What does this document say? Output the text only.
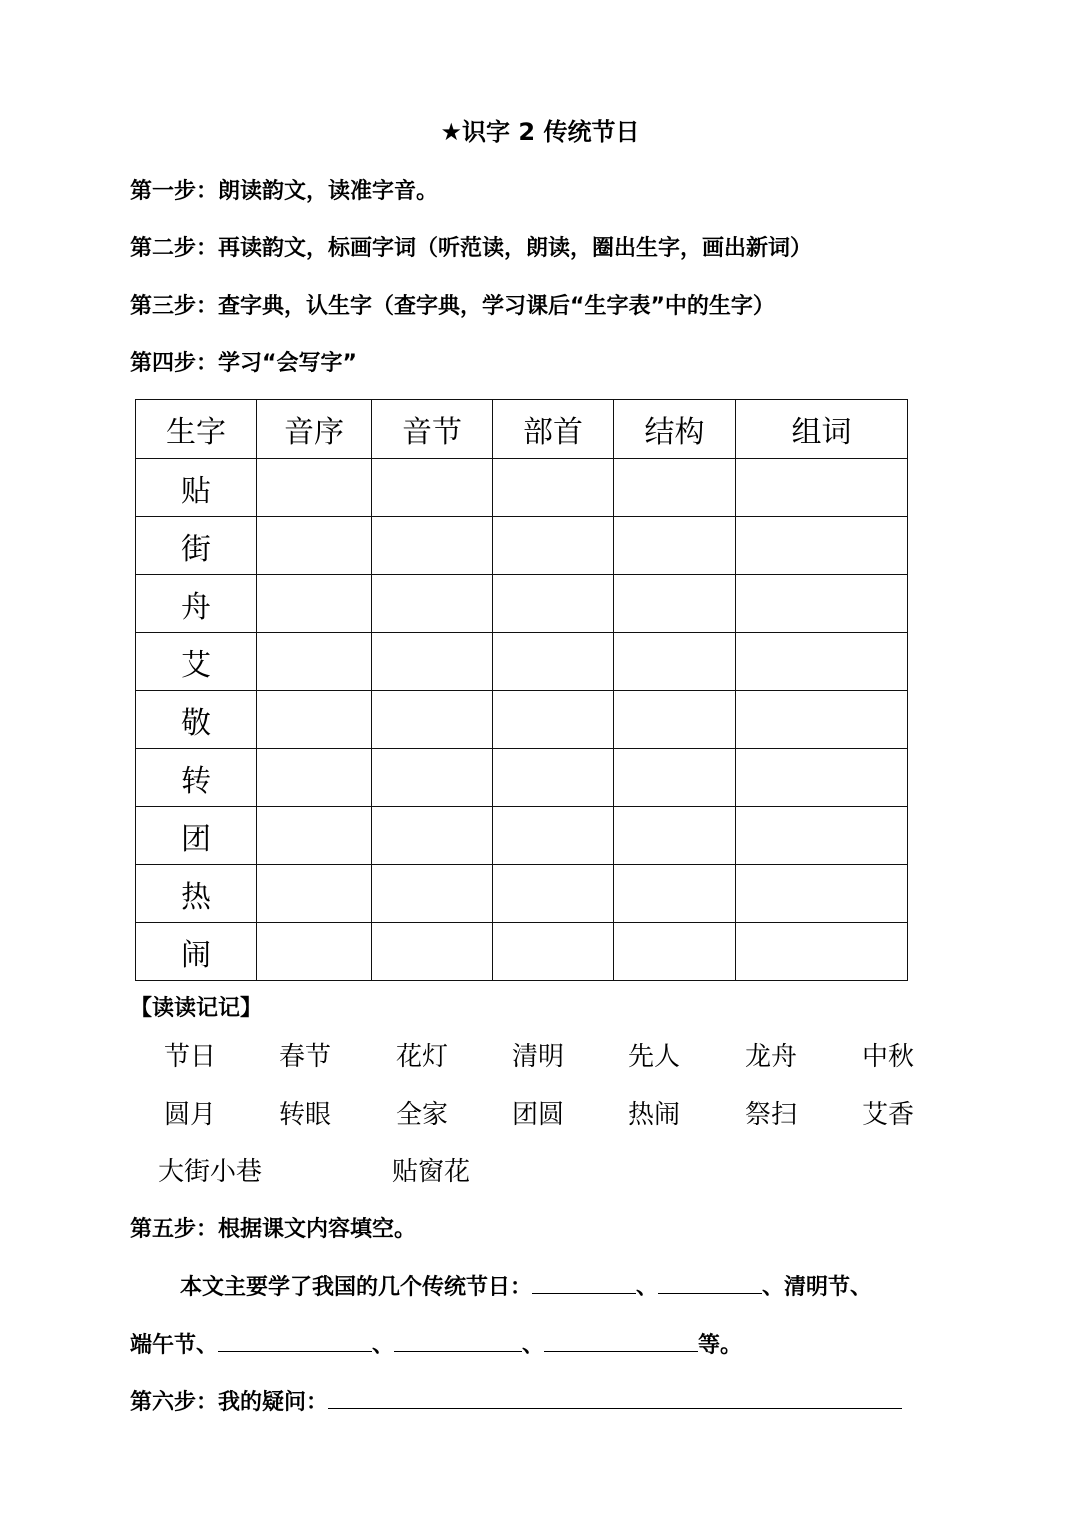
★识字 2 传统节日
第一步：朗读韵文，读准字音。
第二步：再读韵文，标画字词（听范读，朗读，圈出生字，画出新词）
第三步：查字典，认生字（查字典，学习课后“生字表”中的生字）
第四步：学习“会写字”
生字	音序	音节	部首	结构	组词
贴					
街					
舟					
艾					
敬					
转					
团					
热					
闹					
【读读记记】
节日 春节 花灯 清明 先人 龙舟 中秋
圆月 转眼 全家 团圆 热闹 祭扫 艾香
大街小巷	贴窗花
第五步：根据课文内容填空。
本文主要学了我国的几个传统节日：	、	、清明节、
端午节、	、	、	等。
第六步：我的疑问：
